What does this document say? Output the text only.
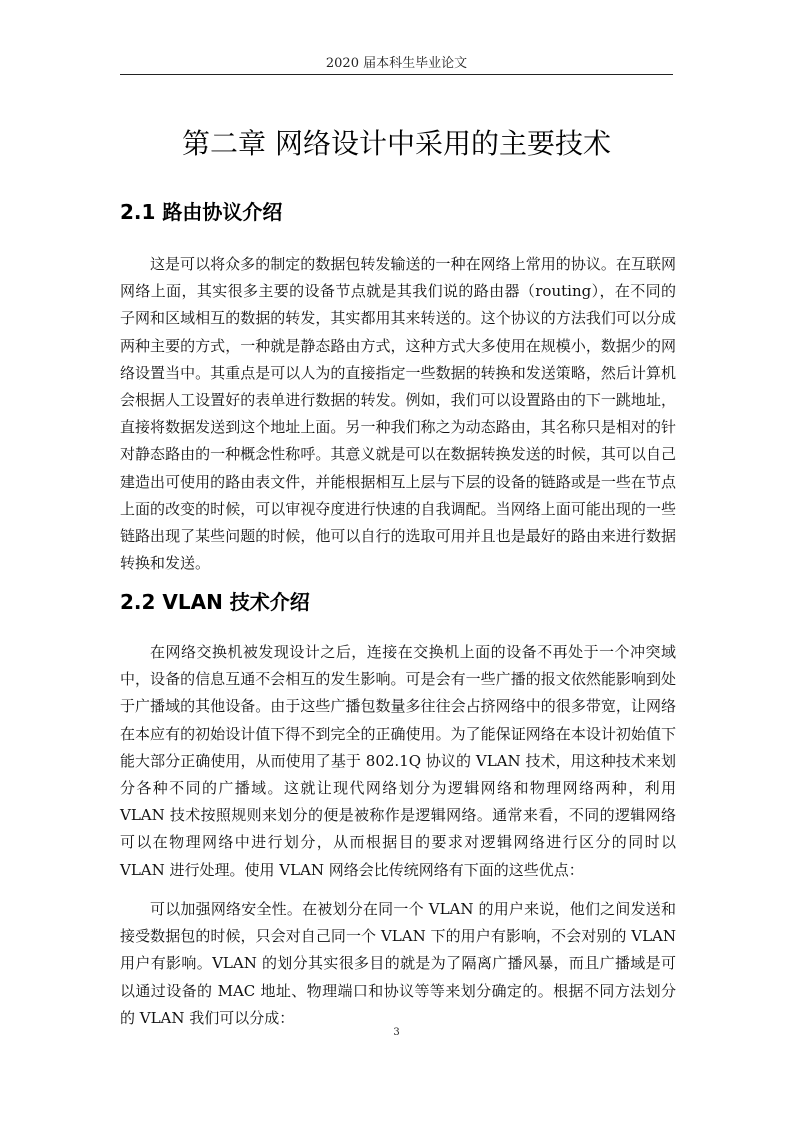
2020 届本科生毕业论文
第二章 网络设计中采用的主要技术
2.1 路由协议介绍

这是可以将众多的制定的数据包转发输送的一种在网络上常用的协议。在互联网网络上面，其实很多主要的设备节点就是其我们说的路由器（routing），在不同的子网和区域相互的数据的转发，其实都用其来转送的。这个协议的方法我们可以分成两种主要的方式，一种就是静态路由方式，这种方式大多使用在规模小，数据少的网络设置当中。其重点是可以人为的直接指定一些数据的转换和发送策略，然后计算机会根据人工设置好的表单进行数据的转发。例如，我们可以设置路由的下一跳地址，直接将数据发送到这个地址上面。另一种我们称之为动态路由，其名称只是相对的针对静态路由的一种概念性称呼。其意义就是可以在数据转换发送的时候，其可以自己建造出可使用的路由表文件，并能根据相互上层与下层的设备的链路或是一些在节点上面的改变的时候，可以审视夺度进行快速的自我调配。当网络上面可能出现的一些链路出现了某些问题的时候，他可以自行的选取可用并且也是最好的路由来进行数据转换和发送。

2.2 VLAN 技术介绍

在网络交换机被发现设计之后，连接在交换机上面的设备不再处于一个冲突域中，设备的信息互通不会相互的发生影响。可是会有一些广播的报文依然能影响到处于广播域的其他设备。由于这些广播包数量多往往会占挤网络中的很多带宽，让网络在本应有的初始设计值下得不到完全的正确使用。为了能保证网络在本设计初始值下能大部分正确使用，从而使用了基于 802.1Q 协议的 VLAN 技术，用这种技术来划分各种不同的广播域。这就让现代网络划分为逻辑网络和物理网络两种，利用 VLAN 技术按照规则来划分的便是被称作是逻辑网络。通常来看，不同的逻辑网络可以在物理网络中进行划分，从而根据目的要求对逻辑网络进行区分的同时以 VLAN 进行处理。使用 VLAN 网络会比传统网络有下面的这些优点：

可以加强网络安全性。在被划分在同一个 VLAN 的用户来说，他们之间发送和接受数据包的时候，只会对自己同一个 VLAN 下的用户有影响，不会对别的 VLAN 用户有影响。VLAN 的划分其实很多目的就是为了隔离广播风暴，而且广播域是可以通过设备的 MAC 地址、物理端口和协议等等来划分确定的。根据不同方法划分的 VLAN 我们可以分成：

3
